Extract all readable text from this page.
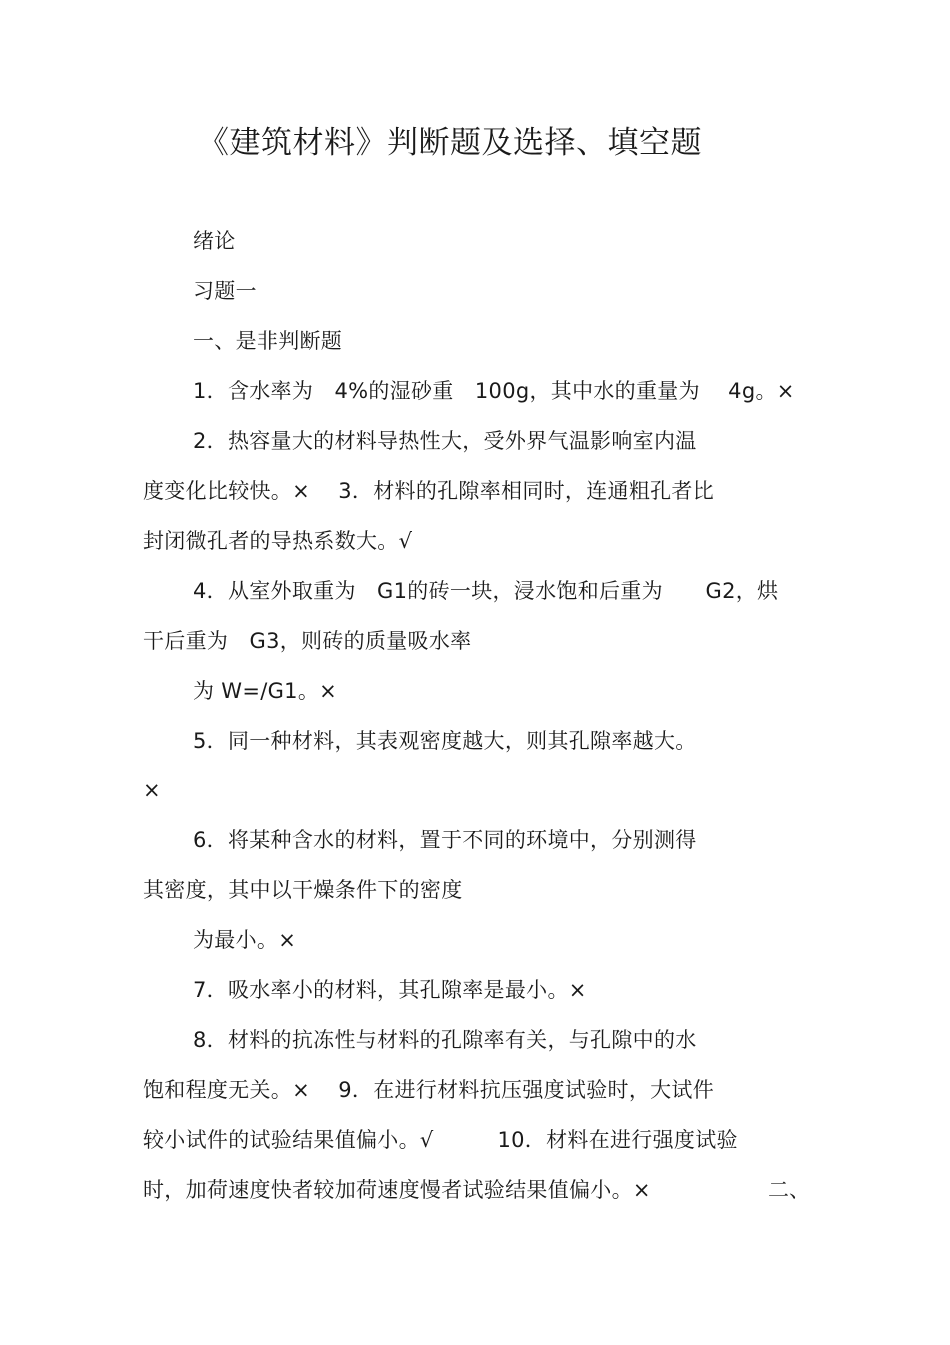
《建筑材料》判断题及选择、填空题
绪论
习题一
一、是非判断题
1．含水率为　4%的湿砂重　100g，其中水的重量为　 4g。×
2．热容量大的材料导热性大，受外界气温影响室内温
度变化比较快。×　 3．材料的孔隙率相同时，连通粗孔者比
封闭微孔者的导热系数大。√
4．从室外取重为　G1的砖一块，浸水饱和后重为　　G2，烘
干后重为　G3，则砖的质量吸水率
为 W=/G1。×
5．同一种材料，其表观密度越大，则其孔隙率越大。
×
6．将某种含水的材料，置于不同的环境中，分别测得
其密度，其中以干燥条件下的密度
为最小。×
7．吸水率小的材料，其孔隙率是最小。×
8．材料的抗冻性与材料的孔隙率有关，与孔隙中的水
饱和程度无关。×　 9．在进行材料抗压强度试验时，大试件
较小试件的试验结果值偏小。√　　　10．材料在进行强度试验
时，加荷速度快者较加荷速度慢者试验结果值偏小。×	二、
